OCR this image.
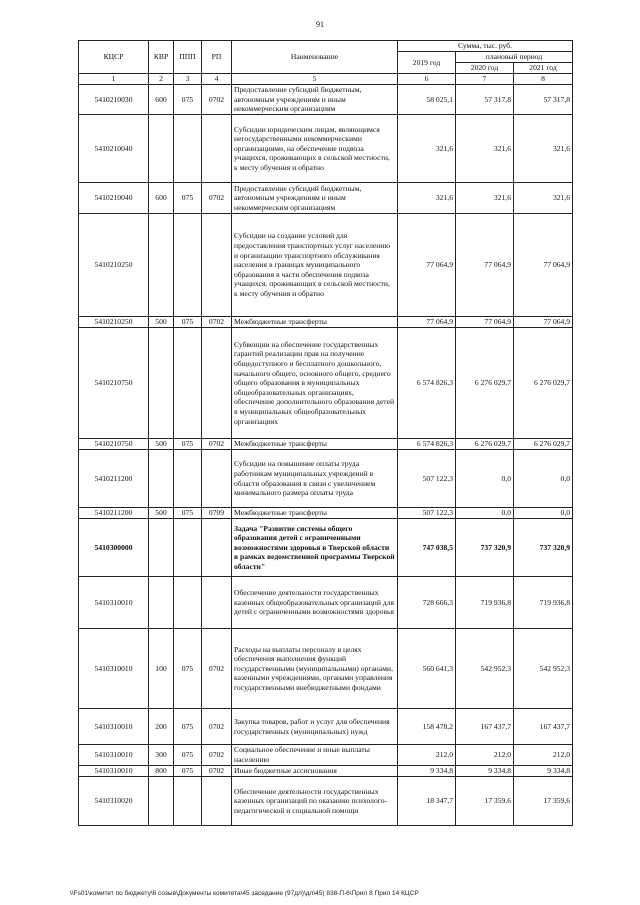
91
КЦСР	КВР	ППП	РП	Наименование	Сумма, тыс. руб.		
					2019 год	плановый период	
						2020 год	2021 год
1	2	3	4	5	6	7	8
5410210030	600	075	0702	Предоставление субсидий бюджетным, автономным учреждениям и иным некоммерческим организациям	58 025,1	57 317,8	57 317,8
5410210040				Субсидии юридическим лицам, являющимся негосударственными некоммерческими организациями, на обеспечение подвоза учащихся, проживающих в сельской местности, к месту обучения и обратно	321,6	321,6	321,6
5410210040	600	075	0702	Предоставление субсидий бюджетным, автономным учреждениям и иным некоммерческим организациям	321,6	321,6	321,6
5410210250				Субсидии на создание условий для предоставления транспортных услуг населению и организацию транспортного обслуживания населения в границах муниципального образования в части обеспечения подвоза учащихся, проживающих в сельской местности, к месту обучения и обратно	77 064,9	77 064,9	77 064,9
5410210250	500	075	0702	Межбюджетные трансферты	77 064,9	77 064,9	77 064,9
5410210750				Субвенции на обеспечение государственных гарантий реализации прав на получение общедоступного и бесплатного дошкольного, начального общего, основного общего, среднего общего образования в муниципальных общеобразовательных организациях, обеспечение дополнительного образования детей в муниципальных общеобразовательных организациях	6 574 826,3	6 276 029,7	6 276 029,7
5410210750	500	075	0702	Межбюджетные трансферты	6 574 826,3	6 276 029,7	6 276 029,7
5410211200				Субсидии на повышение оплаты труда работникам муниципальных учреждений в области образования в связи с увеличением минимального размера оплаты труда	507 122,3	0,0	0,0
5410211200	500	075	0709	Межбюджетные трансферты	507 122,3	0,0	0,0
5410300000				Задача "Развитие системы общего образования детей с ограниченными возможностями здоровья в Тверской области в рамках ведомственной программы Тверской области"	747 038,5	737 320,9	737 320,9
5410310010				Обеспечение деятельности государственных казенных общеобразовательных организаций для детей с ограниченными возможностями здоровья	728 666,3	719 936,8	719 936,8
5410310010	100	075	0702	Расходы на выплаты персоналу в целях обеспечения выполнения функций государственными (муниципальными) органами, казенными учреждениями, органами управления государственными внебюджетными фондами	560 641,3	542 952,3	542 952,3
5410310010	200	075	0702	Закупка товаров, работ и услуг для обеспечения государственных (муниципальных) нужд	158 478,2	167 437,7	167 437,7
5410310010	300	075	0702	Социальное обеспечение и иные выплаты населению	212,0	212,0	212,0
5410310010	800	075	0702	Иные бюджетные ассигнования	9 334,8	9 334,8	9 334,8
5410310020				Обеспечение деятельности государственных казенных организаций по оказанию психолого-педагогической и социальной помощи	18 347,7	17 359,6	17 359,6
\\Fs01\комитет по бюджету\6 созыв\Документы комитета\45 заседание (97дл)\дл\45) 838-П-6\Прил 8 Прил 14 КЦСР
